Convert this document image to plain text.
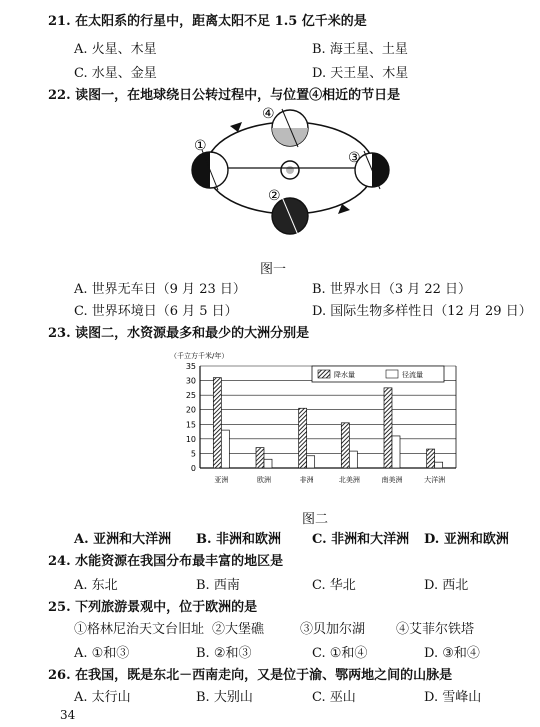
21. 在太阳系的行星中，距离太阳不足 1.5 亿千米的是
A. 火星、木星	B. 海王星、土星
C. 水星、金星	D. 天王星、木星
22. 读图一，在地球绕日公转过程中，与位置④相近的节日是
①
②
③
④
图一
A. 世界无车日（9 月 23 日）	B. 世界水日（3 月 22 日）
C. 世界环境日（6 月 5 日）	D. 国际生物多样性日（12 月 29 日）
23. 读图二，水资源最多和最少的大洲分别是
（千立方千米/年）
0
5
10
15
20
25
30
35
亚洲	欧洲	非洲	北美洲	南美洲	大洋洲
降水量	径流量
图二
A. 亚洲和大洋洲 B. 非洲和欧洲 C. 非洲和大洋洲 D. 亚洲和欧洲
24. 水能资源在我国分布最丰富的地区是
A. 东北	B. 西南	C. 华北	D. 西北
25. 下列旅游景观中，位于欧洲的是
①格林尼治天文台旧址 ②大堡礁	③贝加尔湖 ④艾菲尔铁塔
A. ①和③	B. ②和③	C. ①和④	D. ③和④
26. 在我国，既是东北－西南走向，又是位于渝、鄂两地之间的山脉是
A. 太行山	B. 大别山	C. 巫山	D. 雪峰山
34
